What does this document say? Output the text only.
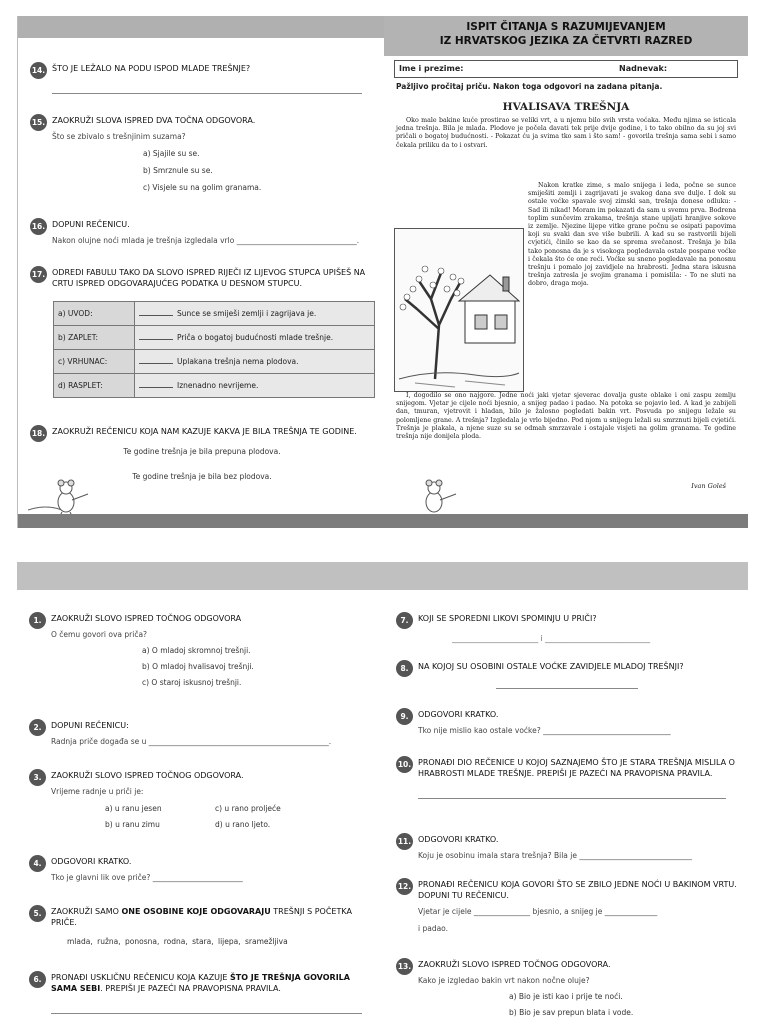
14. ŠTO JE LEŽALO NA PODU ISPOD MLADE TREŠNJE?
15. ZAOKRUŽI SLOVA ISPRED DVA TOČNA ODGOVORA.
Što se zbivalo s trešnjinim suzama?
a) Sjajile su se.
b) Smrznule su se.
c) Visjele su na golim granama.
16. DOPUNI REČENICU.
Nakon olujne noći mlada je trešnja izgledala vrlo ________________________________.
17. ODREDI FABULU TAKO DA SLOVO ISPRED RIJEČI IZ LIJEVOG STUPCA UPIŠEŠ NA CRTU ISPRED ODGOVARAJUĆEG PODATKA U DESNOM STUPCU.
a) UVOD:	Sunce se smiješi zemlji i zagrijava je.
b) ZAPLET:	Priča o bogatoj budućnosti mlade trešnje.
c) VRHUNAC:	Uplakana trešnja nema plodova.
d) RASPLET:	Iznenadno nevrijeme.
18. ZAOKRUŽI REČENICU KOJA NAM KAZUJE KAKVA JE BILA TREŠNJA TE GODINE.
Te godine trešnja je bila prepuna plodova.
Te godine trešnja je bila bez plodova.
ISPIT ČITANJA S RAZUMIJEVANJEM
IZ HRVATSKOG JEZIKA ZA ČETVRTI RAZRED
Ime i prezime:	Nadnevak:
Pažljivo pročitaj priču. Nakon toga odgovori na zadana pitanja.
HVALISAVA TREŠNJA
Oko male bakine kuće prostirao se veliki vrt, a u njemu bilo svih vrsta voćaka. Među njima se isticala jedna trešnja. Bila je mlada. Plodove je počela davati tek prije dvije godine, i to tako obilno da su joj svi pričali o bogatoj budućnosti. - Pokazat ću ja svima tko sam i što sam! - govorila trešnja sama sebi i samo čekala priliku da to i ostvari.
Nakon kratke zime, s malo snijega i leda, počne se sunce smiješiti zemlji i zagrijavati je svakog dana sve dulje. I dok su ostale voćke spavale svoj zimski san, trešnja donese odluku: - Sad ili nikad! Moram im pokazati da sam u svemu prva. Bodrena toplim sunčevim zrakama, trešnja stane upijati hranjive sokove iz zemlje. Njezine lijepe vitke grane počnu se osipati papovima koji su svaki dan sve više bubrili. A kad su se rastvorili bijeli cvjetići, činilo se kao da se sprema svečanost. Trešnja je bila tako ponosna da je s visokoga pogledavala ostale pospane voćke i čekala što će one reći. Voćke su sneno pogledavale na ponosnu trešnju i pomalo joj zavidjele na hrabrosti. Jedna stara iskusna trešnja zatresla je svojim granama i pomislila: - To ne sluti na dobro, draga moja.
I, dogodilo se ono najgore. Jedne noći jaki vjetar sjeverac dovalja guste oblake i oni zaspu zemlju snijegom. Vjetar je cijele noći bjesnio, a snijeg padao i padao. Na potoka se pojavio led. A kad je zabijeli dan, tmuran, vjetrovit i hladan, bilo je žalosno pogledati bakin vrt. Posvuda po snijegu ležale su polomljene grane. A trešnja? Izgledala je vrlo bijedno. Pod njom u snijegu ležali su smrznuti bijeli cvjetići. Trešnja je plakala, a njene suze su se odmah smrzavale i ostajale visjeti na golim granama. Te godine trešnja nije donijela ploda.
Ivan Goleš
1.	ZAOKRUŽI SLOVO ISPRED TOČNOG ODGOVORA
O čemu govori ova priča?
a) O mladoj skromnoj trešnji.
b) O mladoj hvalisavoj trešnji.
c) O staroj iskusnoj trešnji.
2.	DOPUNI REČENICU:
Radnja priče događa se u ________________________________________________.
3.	ZAOKRUŽI SLOVO ISPRED TOČNOG ODGOVORA.
Vrijeme radnje u priči je:
a) u ranu jesen	c) u rano proljeće
b) u ranu zimu	d) u rano ljeto.
4.	ODGOVORI KRATKO.
Tko je glavni lik ove priče? ________________________
5.	ZAOKRUŽI SAMO ONE OSOBINE KOJE ODGOVARAJU TREŠNJI S POČETKA PRIČE.
mlada, ružna, ponosna, rodna, stara, lijepa, sramežljiva
6.	PRONAĐI USKLIČNU REČENICU KOJA KAZUJE ŠTO JE TREŠNJA GOVORILA SAMA SEBI. PREPIŠI JE PAZEĆI NA PRAVOPISNA PRAVILA.
7.	KOJI SE SPOREDNI LIKOVI SPOMINJU U PRIČI?
_______________________ i ____________________________
8.	NA KOJOJ SU OSOBINI OSTALE VOĆKE ZAVIDJELE MLADOJ TREŠNJI?
9.	ODGOVORI KRATKO.
Tko nije mislio kao ostale voćke? __________________________________
10. PRONAĐI DIO REČENICE U KOJOJ SAZNAJEMO ŠTO JE STARA TREŠNJA MISLILA O HRABROSTI MLADE TREŠNJE. PREPIŠI JE PAZEĆI NA PRAVOPISNA PRAVILA.
11. ODGOVORI KRATKO.
Koju je osobinu imala stara trešnja? Bila je ______________________________
12. PRONAĐI REČENICU KOJA GOVORI ŠTO SE ZBILO JEDNE NOĆI U BAKINOM VRTU. DOPUNI TU REČENICU.
Vjetar je cijele _______________ bjesnio, a snijeg je ______________
i padao.
13. ZAOKRUŽI SLOVO ISPRED TOČNOG ODGOVORA.
Kako je izgledao bakin vrt nakon nočne oluje?
a) Bio je isti kao i prije te noći.
b) Bio je sav prepun blata i vode.
